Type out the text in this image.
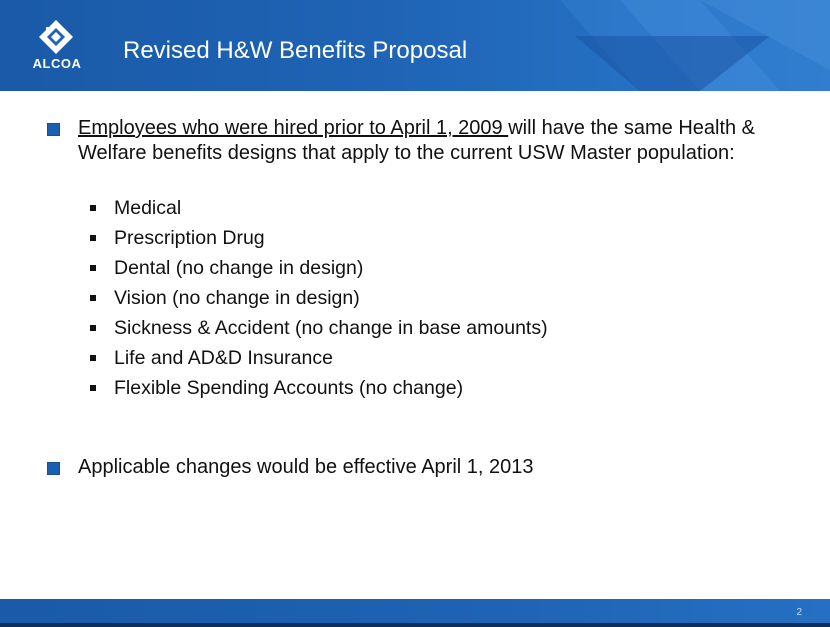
ALCOA	Revised H&W Benefits Proposal
Employees who were hired prior to April 1, 2009 will have the same Health & Welfare benefits designs that apply to the current USW Master population:
Medical
Prescription Drug
Dental (no change in design)
Vision (no change in design)
Sickness & Accident (no change in base amounts)
Life and AD&D Insurance
Flexible Spending Accounts (no change)
Applicable changes would be effective April 1, 2013
2
